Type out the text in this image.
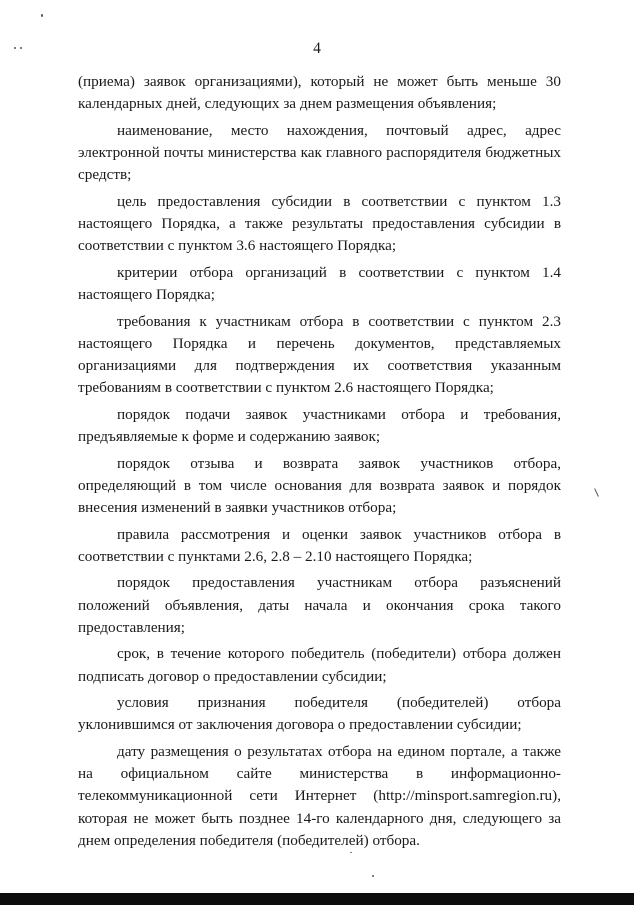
4

(приема) заявок организациями), который не может быть меньше 30 календарных дней, следующих за днем размещения объявления;

наименование, место нахождения, почтовый адрес, адрес электронной почты министерства как главного распорядителя бюджетных средств;

цель предоставления субсидии в соответствии с пунктом 1.3 настоящего Порядка, а также результаты предоставления субсидии в соответствии с пунктом 3.6 настоящего Порядка;

критерии отбора организаций в соответствии с пунктом 1.4 настоящего Порядка;

требования к участникам отбора в соответствии с пунктом 2.3 настоящего Порядка и перечень документов, представляемых организациями для подтверждения их соответствия указанным требованиям в соответствии с пунктом 2.6 настоящего Порядка;

порядок подачи заявок участниками отбора и требования, предъявляемые к форме и содержанию заявок;

порядок отзыва и возврата заявок участников отбора, определяющий в том числе основания для возврата заявок и порядок внесения изменений в заявки участников отбора;

правила рассмотрения и оценки заявок участников отбора в соответствии с пунктами 2.6, 2.8 – 2.10 настоящего Порядка;

порядок предоставления участникам отбора разъяснений положений объявления, даты начала и окончания срока такого предоставления;

срок, в течение которого победитель (победители) отбора должен подписать договор о предоставлении субсидии;

условия признания победителя (победителей) отбора уклонившимся от заключения договора о предоставлении субсидии;

дату размещения о результатах отбора на едином портале, а также на официальном сайте министерства в информационно-телекоммуникационной сети Интернет (http://minsport.samregion.ru), которая не может быть позднее 14-го календарного дня, следующего за днем определения победителя (победителей) отбора.
